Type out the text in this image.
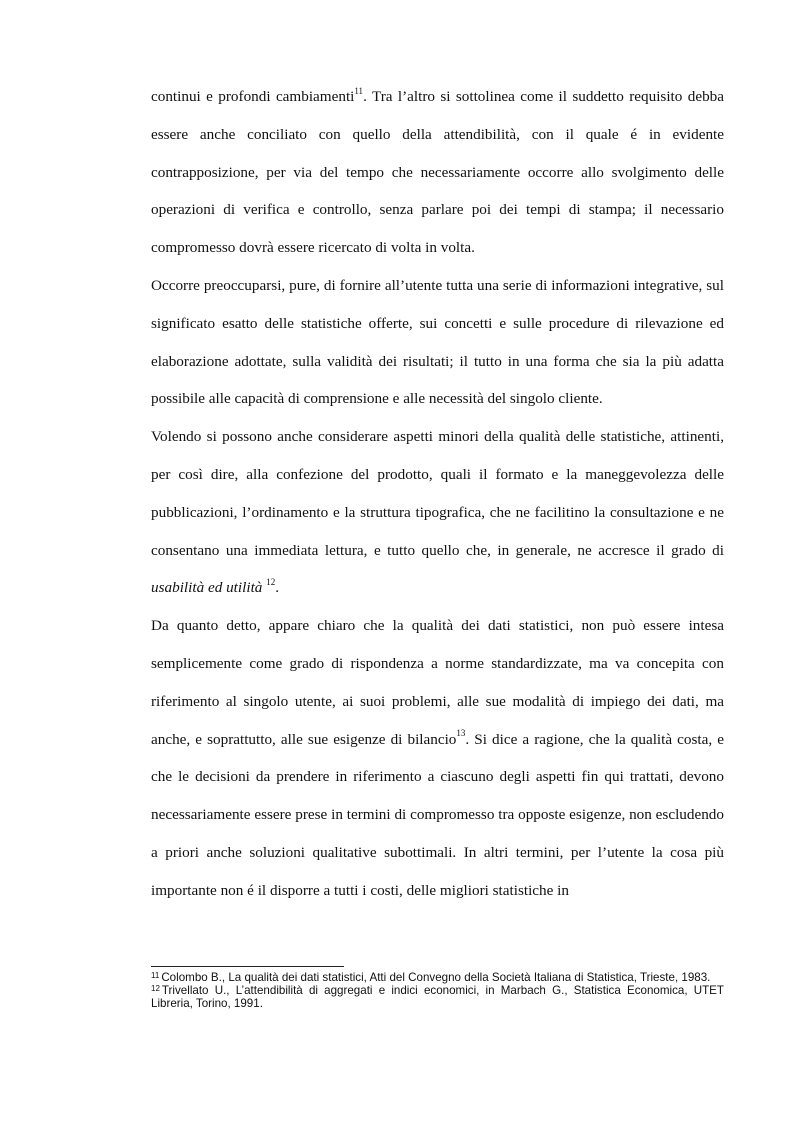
continui e profondi cambiamenti$^{11}$. Tra l’altro si sottolinea come il suddetto requisito debba essere anche conciliato con quello della attendibilità, con il quale é in evidente contrapposizione, per via del tempo che necessariamente occorre allo svolgimento delle operazioni di verifica e controllo, senza parlare poi dei tempi di stampa; il necessario compromesso dovrà essere ricercato di volta in volta.

Occorre preoccuparsi, pure, di fornire all’utente tutta una serie di informazioni integrative, sul significato esatto delle statistiche offerte, sui concetti e sulle procedure di rilevazione ed elaborazione adottate, sulla validità dei risultati; il tutto in una forma che sia la più adatta possibile alle capacità di comprensione e alle necessità del singolo cliente.

Volendo si possono anche considerare aspetti minori della qualità delle statistiche, attinenti, per così dire, alla confezione del prodotto, quali il formato e la maneggevolezza delle pubblicazioni, l’ordinamento e la struttura tipografica, che ne facilitino la consultazione e ne consentano una immediata lettura, e tutto quello che, in generale, ne accresce il grado di usabilità ed utilità $^{12}$.

Da quanto detto, appare chiaro che la qualità dei dati statistici, non può essere intesa semplicemente come grado di rispondenza a norme standardizzate, ma va concepita con riferimento al singolo utente, ai suoi problemi, alle sue modalità di impiego dei dati, ma anche, e soprattutto, alle sue esigenze di bilancio$^{13}$. Si dice a ragione, che la qualità costa, e che le decisioni da prendere in riferimento a ciascuno degli aspetti fin qui trattati, devono necessariamente essere prese in termini di compromesso tra opposte esigenze, non escludendo a priori anche soluzioni qualitative subottimali. In altri termini, per l’utente la cosa più importante non é il disporre a tutti i costi, delle migliori statistiche in

$^{11}$ Colombo B., La qualità dei dati statistici, Atti del Convegno della Società Italiana di Statistica, Trieste, 1983.

$^{12}$ Trivellato U., L’attendibilità di aggregati e indici economici, in Marbach G., Statistica Economica, UTET Libreria, Torino, 1991.
